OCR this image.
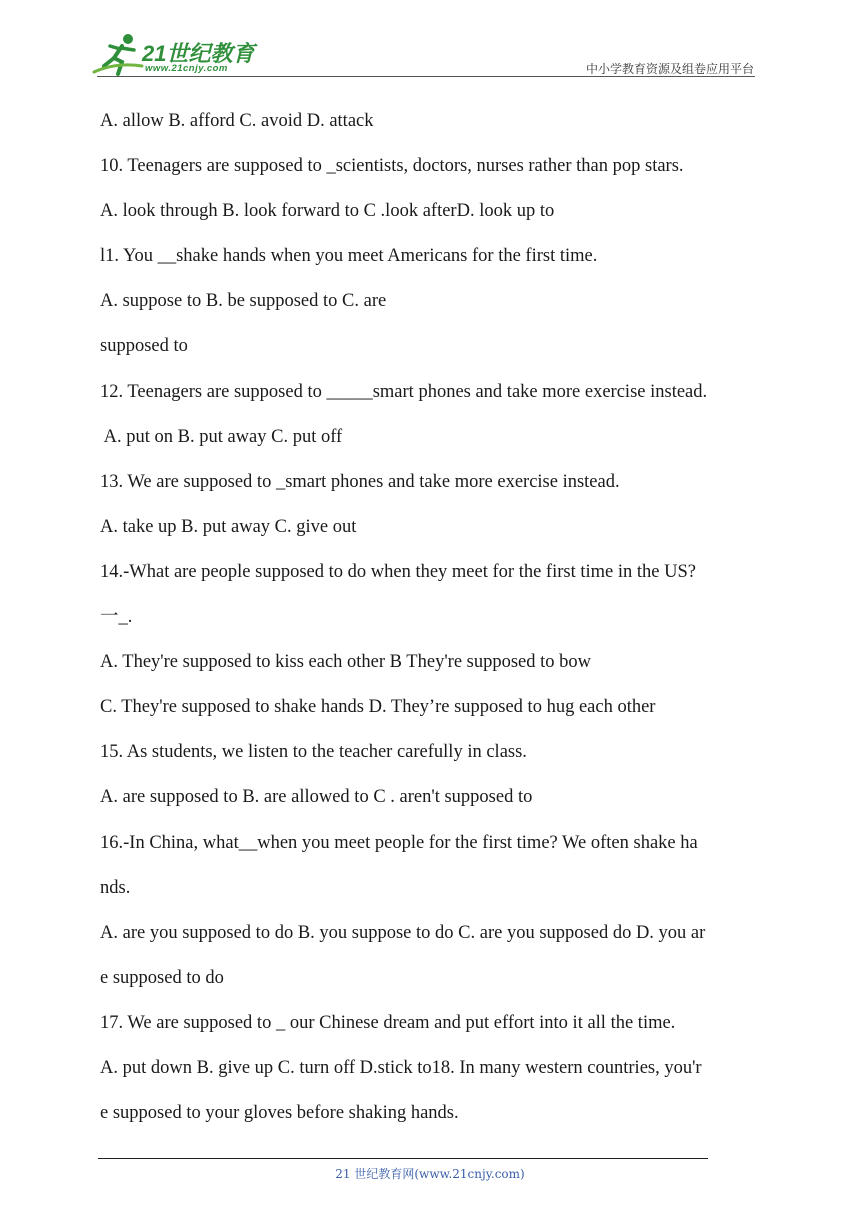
21世纪教育
www.21cnjy.com	中小学教育资源及组卷应用平台
A. allow B. afford C. avoid D. attack
10. Teenagers are supposed to _scientists, doctors, nurses rather than pop stars.
A. look through B. look forward to C .look afterD. look up to
l1. You __shake hands when you meet Americans for the first time.
A. suppose to B. be supposed to C. are
supposed to
12. Teenagers are supposed to _____smart phones and take more exercise instead.
A. put on B. put away C. put off
13. We are supposed to _smart phones and take more exercise instead.
A. take up B. put away C. give out
14.-What are people supposed to do when they meet for the first time in the US?
一_.
A. They're supposed to kiss each other B They're supposed to bow
C. They're supposed to shake hands D. They’re supposed to hug each other
15. As students, we listen to the teacher carefully in class.
A. are supposed to B. are allowed to C . aren't supposed to
16.-In China, what__when you meet people for the first time? We often shake ha
nds.
A. are you supposed to do B. you suppose to do C. are you supposed do D. you ar
e supposed to do
17. We are supposed to _ our Chinese dream and put effort into it all the time.
A. put down B. give up C. turn off D.stick to18. In many western countries, you'r
e supposed to your gloves before shaking hands.
21 世纪教育网(www.21cnjy.com)
